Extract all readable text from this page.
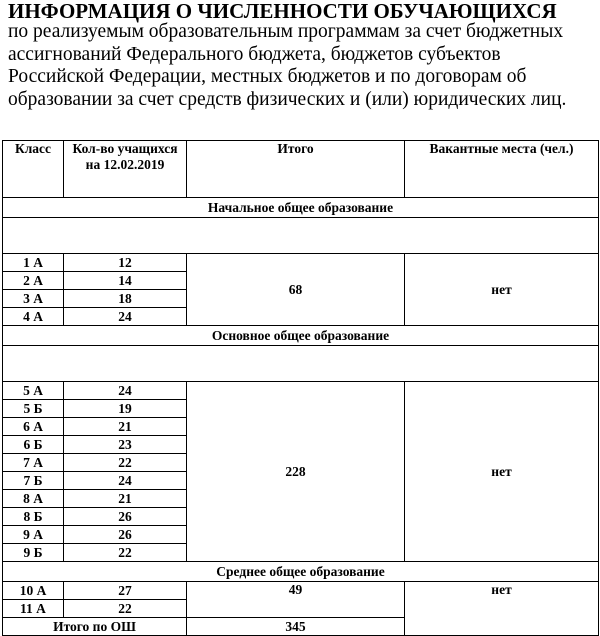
ИНФОРМАЦИЯ О ЧИСЛЕННОСТИ ОБУЧАЮЩИХСЯ
по реализуемым образовательным программам за счет бюджетных ассигнований Федерального бюджета, бюджетов субъектов Российской Федерации, местных бюджетов и по договорам об образовании за счет средств физических и (или) юридических лиц.
Класс	Кол-во учащихся на 12.02.2019	Итого	Вакантные места (чел.)
Начальное общее образование			

1 А	12	68	нет
2 А	14		
3 А	18		
4 А	24		
Основное общее образование			

5 А	24	228	нет
5 Б	19		
6 А	21		
6 Б	23		
7 А	22		
7 Б	24		
8 А	21		
8 Б	26		
9 А	26		
9 Б	22		
Среднее общее образование			
10 А	27	49	нет
11 А	22		
Итого по ОШ		345	
